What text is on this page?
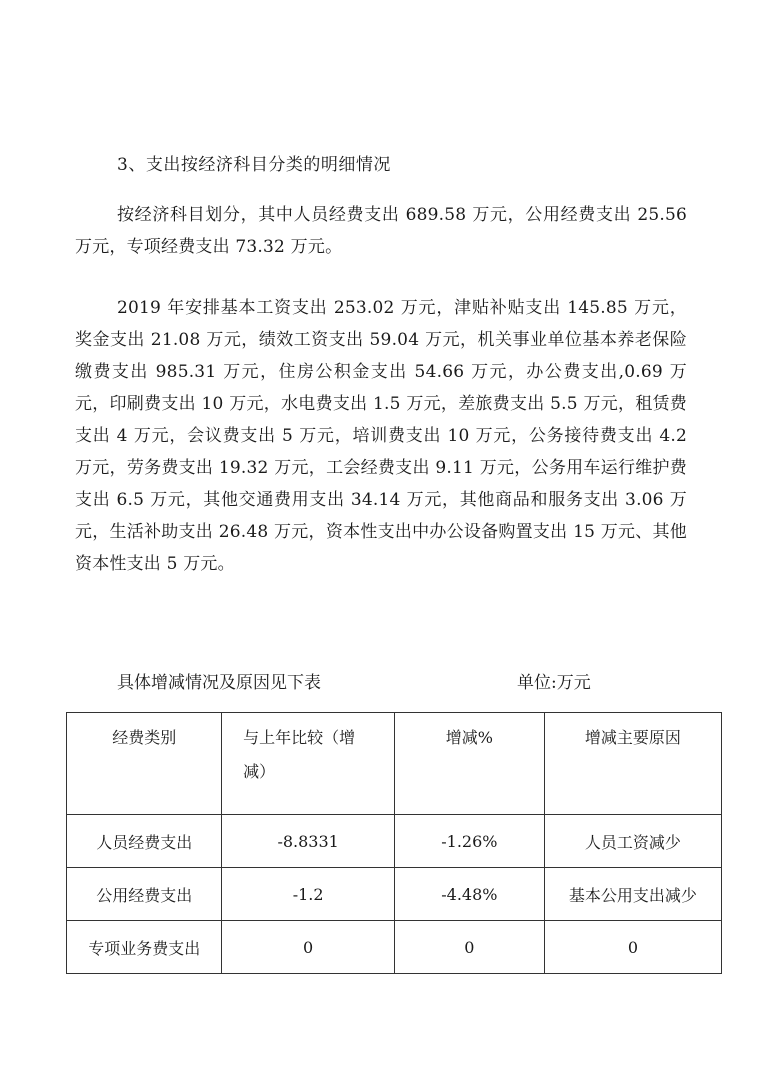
3、支出按经济科目分类的明细情况

按经济科目划分，其中人员经费支出 689.58 万元，公用经费支出 25.56 万元，专项经费支出 73.32 万元。

2019 年安排基本工资支出 253.02 万元，津贴补贴支出 145.85 万元，奖金支出 21.08 万元，绩效工资支出 59.04 万元，机关事业单位基本养老保险缴费支出 985.31 万元，住房公积金支出 54.66 万元，办公费支出,0.69 万元，印刷费支出 10 万元，水电费支出 1.5 万元，差旅费支出 5.5 万元，租赁费支出 4 万元，会议费支出 5 万元，培训费支出 10 万元，公务接待费支出 4.2 万元，劳务费支出 19.32 万元，工会经费支出 9.11 万元，公务用车运行维护费支出 6.5 万元，其他交通费用支出 34.14 万元，其他商品和服务支出 3.06 万元，生活补助支出 26.48 万元，资本性支出中办公设备购置支出 15 万元、其他资本性支出 5 万元。

具体增减情况及原因见下表	单位:万元
经费类别	与上年比较（增减）	增减%	增减主要原因
人员经费支出	-8.8331	-1.26%	人员工资减少
公用经费支出	-1.2	-4.48%	基本公用支出减少
专项业务费支出	0	0	0
